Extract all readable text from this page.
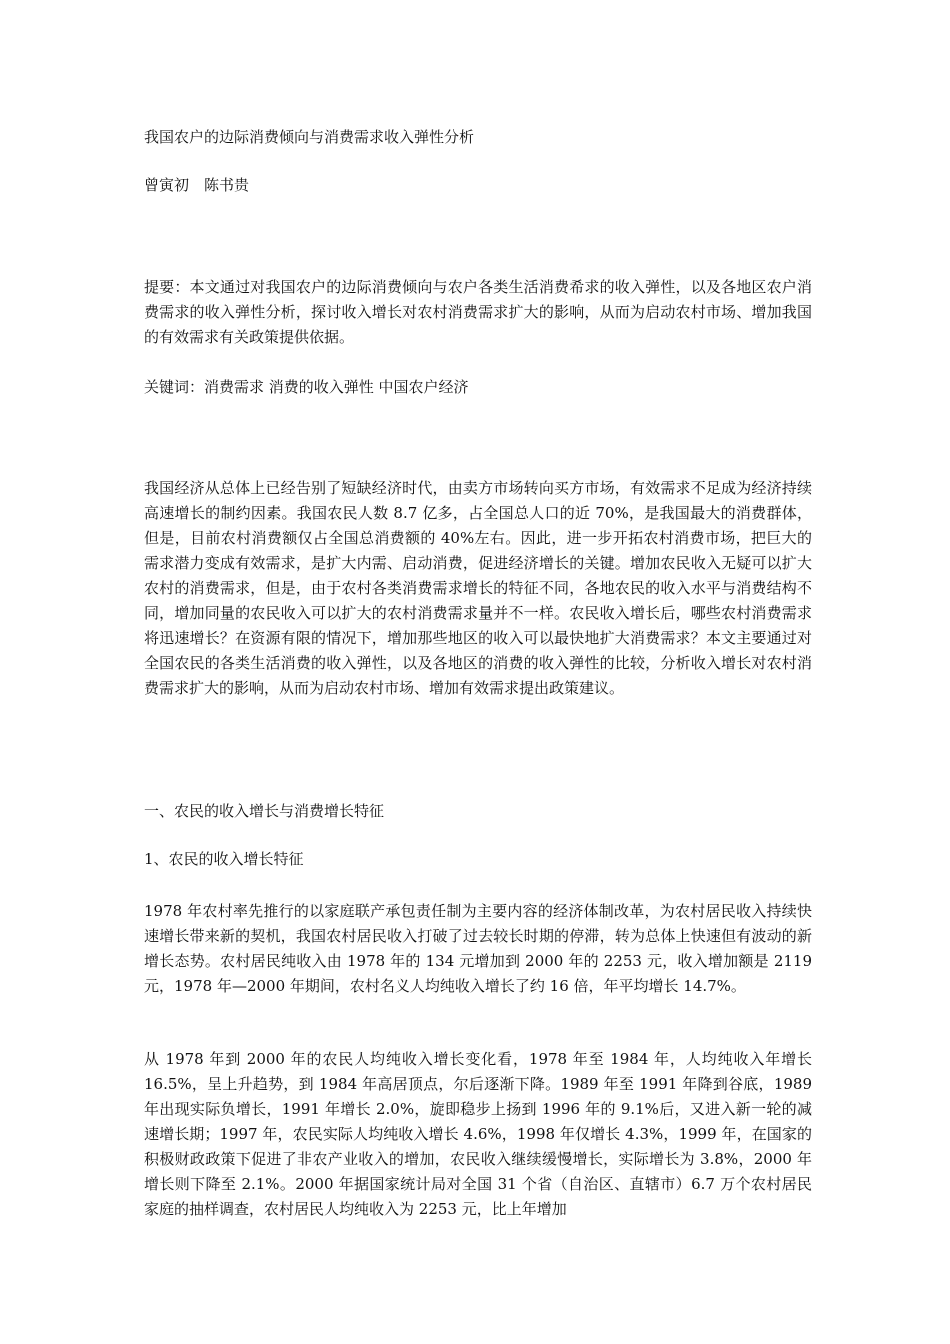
我国农户的边际消费倾向与消费需求收入弹性分析
曾寅初　陈书贵

提要：本文通过对我国农户的边际消费倾向与农户各类生活消费希求的收入弹性，以及各地区农户消费需求的收入弹性分析，探讨收入增长对农村消费需求扩大的影响，从而为启动农村市场、增加我国的有效需求有关政策提供依据。

关键词：消费需求 消费的收入弹性 中国农户经济

我国经济从总体上已经告别了短缺经济时代，由卖方市场转向买方市场，有效需求不足成为经济持续高速增长的制约因素。我国农民人数 8.7 亿多，占全国总人口的近 70%，是我国最大的消费群体，但是，目前农村消费额仅占全国总消费额的 40%左右。因此，进一步开拓农村消费市场，把巨大的需求潜力变成有效需求，是扩大内需、启动消费，促进经济增长的关键。增加农民收入无疑可以扩大农村的消费需求，但是，由于农村各类消费需求增长的特征不同，各地农民的收入水平与消费结构不同，增加同量的农民收入可以扩大的农村消费需求量并不一样。农民收入增长后，哪些农村消费需求将迅速增长？在资源有限的情况下，增加那些地区的收入可以最快地扩大消费需求？本文主要通过对全国农民的各类生活消费的收入弹性，以及各地区的消费的收入弹性的比较，分析收入增长对农村消费需求扩大的影响，从而为启动农村市场、增加有效需求提出政策建议。

一、农民的收入增长与消费增长特征
1、农民的收入增长特征

1978 年农村率先推行的以家庭联产承包责任制为主要内容的经济体制改革，为农村居民收入持续快速增长带来新的契机，我国农村居民收入打破了过去较长时期的停滞，转为总体上快速但有波动的新增长态势。农村居民纯收入由 1978 年的 134 元增加到 2000 年的 2253 元，收入增加额是 2119 元，1978 年—2000 年期间，农村名义人均纯收入增长了约 16 倍，年平均增长 14.7%。

从 1978 年到 2000 年的农民人均纯收入增长变化看，1978 年至 1984 年，人均纯收入年增长 16.5%，呈上升趋势，到 1984 年高居顶点，尔后逐渐下降。1989 年至 1991 年降到谷底，1989 年出现实际负增长，1991 年增长 2.0%，旋即稳步上扬到 1996 年的 9.1%后，又进入新一轮的减速增长期；1997 年，农民实际人均纯收入增长 4.6%，1998 年仅增长 4.3%，1999 年，在国家的积极财政政策下促进了非农产业收入的增加，农民收入继续缓慢增长，实际增长为 3.8%，2000 年增长则下降至 2.1%。2000 年据国家统计局对全国 31 个省（自治区、直辖市）6.7 万个农村居民家庭的抽样调查，农村居民人均纯收入为 2253 元，比上年增加
